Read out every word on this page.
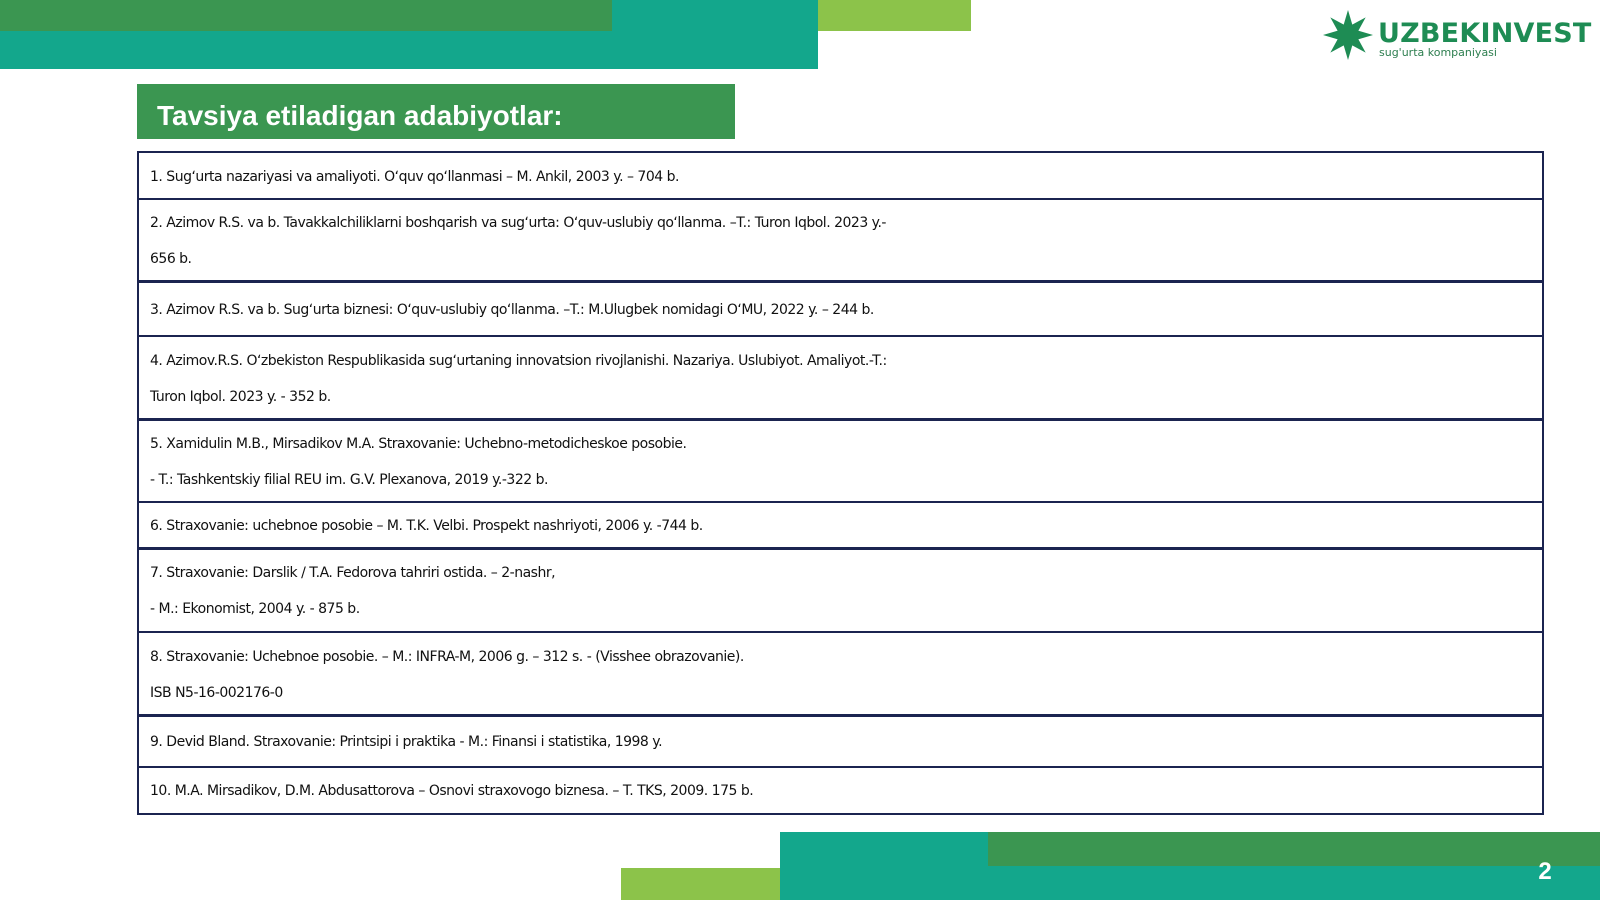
UZBEKINVEST
sug'urta kompaniyasi
Tavsiya etiladigan adabiyotlar:
1. Sugʻurta nazariyasi va amaliyoti. Oʻquv qoʻllanmasi – M. Ankil, 2003 y. – 704 b.
2. Azimov R.S. va b. Tavakkalchiliklarni boshqarish va sugʻurta: Oʻquv-uslubiy qoʻllanma. –T.: Turon Iqbol. 2023 y.-
656 b.
3. Azimov R.S. va b. Sugʻurta biznesi: Oʻquv-uslubiy qoʻllanma. –T.: M.Ulugbek nomidagi OʻMU, 2022 y. – 244 b.
4. Azimov.R.S. Oʻzbekiston Respublikasida sugʻurtaning innovatsion rivojlanishi. Nazariya. Uslubiyot. Amaliyot.-T.:
Turon Iqbol. 2023 y. - 352 b.
5. Xamidulin M.B., Mirsadikov M.A. Straxovanie: Uchebno-metodicheskoe posobie.
- T.: Tashkentskiy filial REU im. G.V. Plexanova, 2019 y.-322 b.
6. Straxovanie: uchebnoe posobie – M. T.K. Velbi. Prospekt nashriyoti, 2006 y. -744 b.
7. Straxovanie: Darslik / T.A. Fedorova tahriri ostida. – 2-nashr,
- M.: Ekonomist, 2004 y. - 875 b.
8. Straxovanie: Uchebnoe posobie. – M.: INFRA-M, 2006 g. – 312 s. - (Visshee obrazovanie).
ISB N5-16-002176-0
9. Devid Bland. Straxovanie: Printsipi i praktika - M.: Finansi i statistika, 1998 y.
10. M.A. Mirsadikov, D.M. Abdusattorova – Osnovi straxovogo biznesa. – T. TKS, 2009. 175 b.
2
